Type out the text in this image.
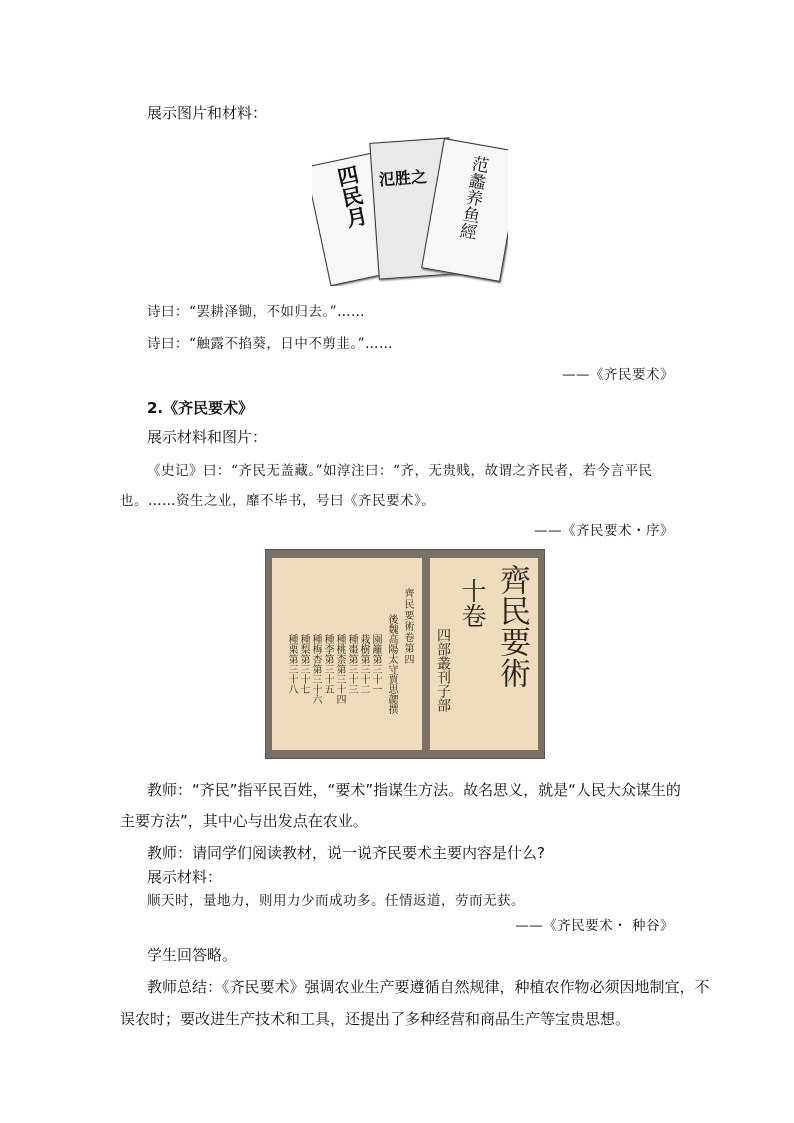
展示图片和材料：
四民月 氾胜之 范蠡养鱼經
诗曰：“罢耕泽锄，不如归去。”……
诗曰：“触露不掐葵，日中不剪韭。”……
——《齐民要术》
2.《齐民要术》
展示材料和图片：
《史记》曰：“齐民无盖藏。”如淳注曰：“齐，无贵贱，故谓之齐民者，若今言平民
也。……资生之业，靡不毕书，号曰《齐民要术》。
——《齐民要术・序》
齊民要術卷第四
後魏高陽太守賈思勰撰
園籬第三十一
栽樹第三十二
種棗第三十三
種桃柰第三十四
種李第三十五
種梅杏第三十六
種梨第三十七
種栗第三十八	齊民要術
十卷
四部叢刊子部
教师：“齐民”指平民百姓，“要术”指谋生方法。故名思义，就是“人民大众谋生的
主要方法”，其中心与出发点在农业。
教师：请同学们阅读教材，说一说齐民要术主要内容是什么?
展示材料：
顺天时，量地力，则用力少而成功多。任情返道，劳而无获。
——《齐民要术・ 种谷》
学生回答略。
教师总结：《齐民要术》强调农业生产要遵循自然规律，种植农作物必须因地制宜，不
误农时；要改进生产技术和工具，还提出了多种经营和商品生产等宝贵思想。
